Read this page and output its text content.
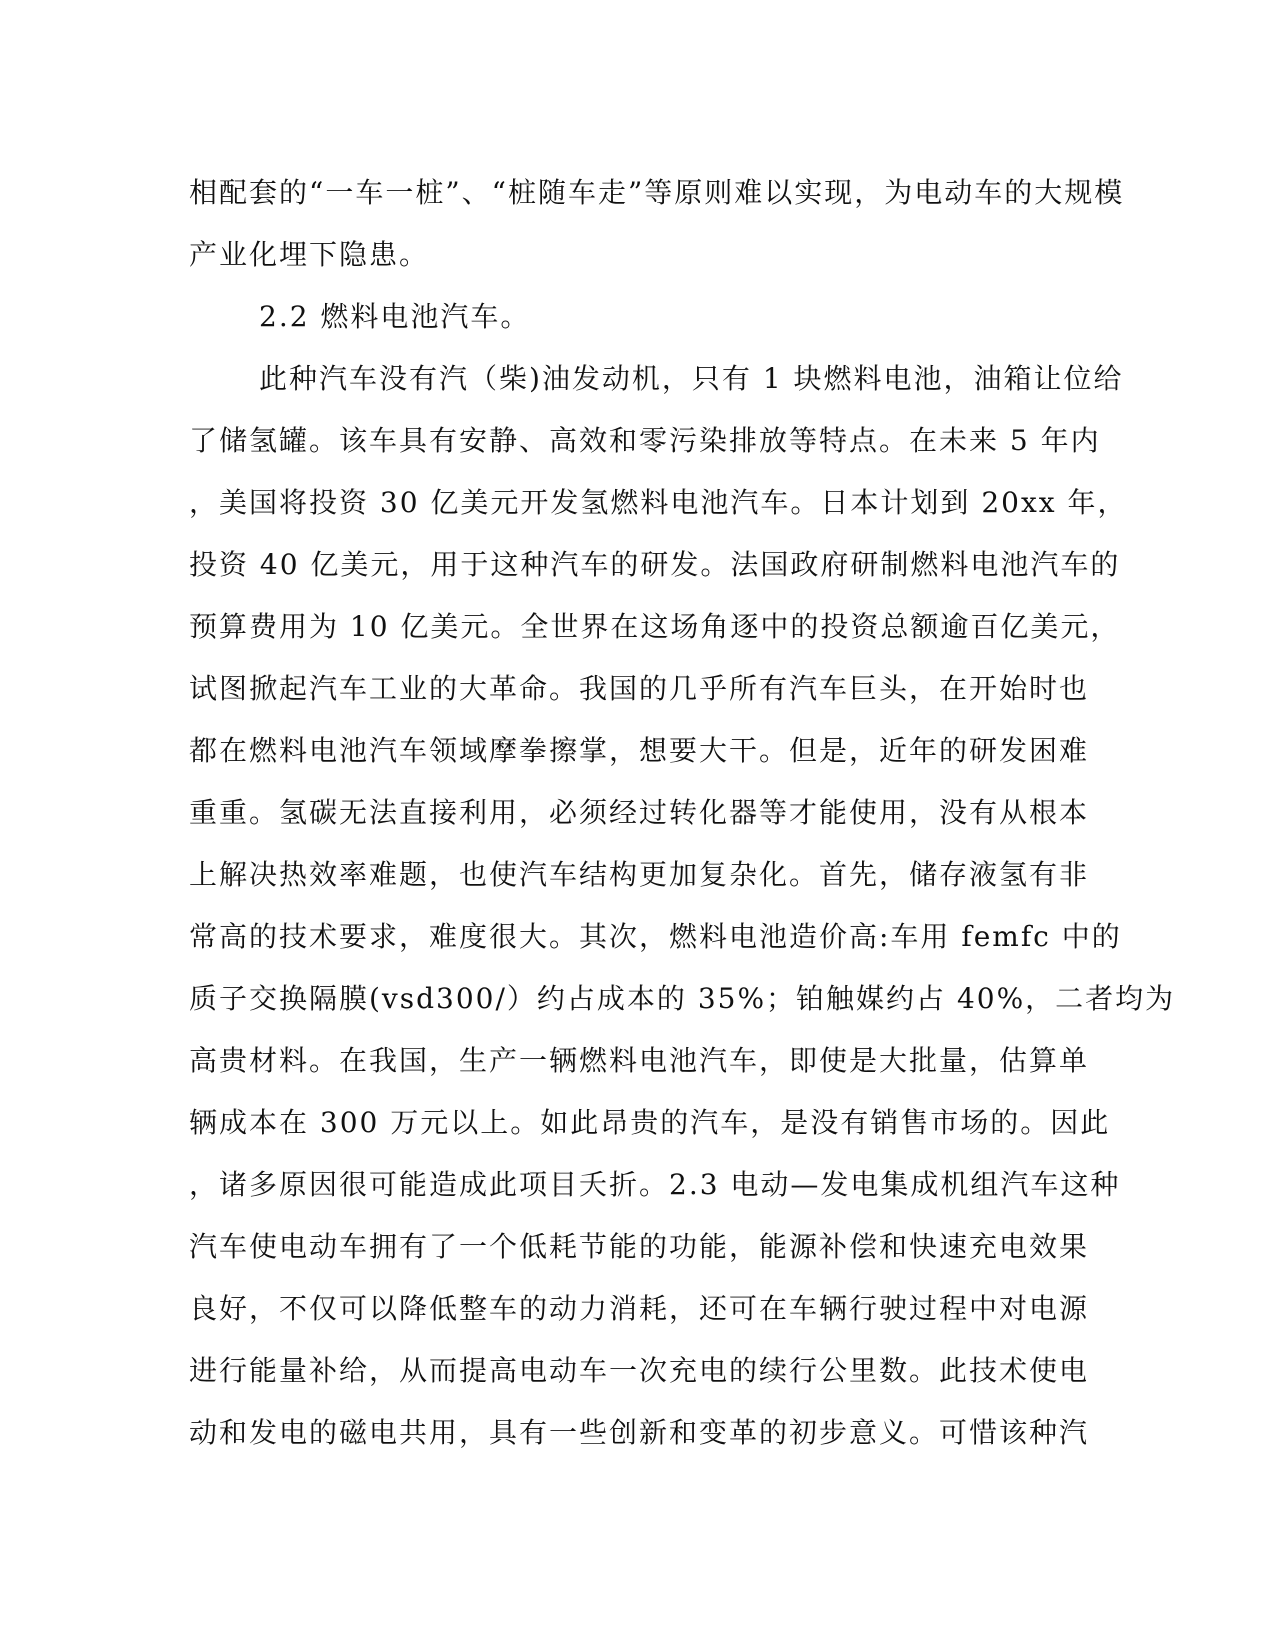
相配套的“一车一桩”、“桩随车走”等原则难以实现，为电动车的大规模
产业化埋下隐患。
2.2 燃料电池汽车。
此种汽车没有汽（柴)油发动机，只有 1 块燃料电池，油箱让位给
了储氢罐。该车具有安静、高效和零污染排放等特点。在未来 5 年内
，美国将投资 30 亿美元开发氢燃料电池汽车。日本计划到 20xx 年，
投资 40 亿美元，用于这种汽车的研发。法国政府研制燃料电池汽车的
预算费用为 10 亿美元。全世界在这场角逐中的投资总额逾百亿美元，
试图掀起汽车工业的大革命。我国的几乎所有汽车巨头，在开始时也
都在燃料电池汽车领域摩拳擦掌，想要大干。但是，近年的研发困难
重重。氢碳无法直接利用，必须经过转化器等才能使用，没有从根本
上解决热效率难题，也使汽车结构更加复杂化。首先，储存液氢有非
常高的技术要求，难度很大。其次，燃料电池造价高:车用 femfc 中的
质子交换隔膜(vsd300/）约占成本的 35%；铂触媒约占 40%，二者均为
高贵材料。在我国，生产一辆燃料电池汽车，即使是大批量，估算单
辆成本在 300 万元以上。如此昂贵的汽车，是没有销售市场的。因此
，诸多原因很可能造成此项目夭折。2.3 电动—发电集成机组汽车这种
汽车使电动车拥有了一个低耗节能的功能，能源补偿和快速充电效果
良好，不仅可以降低整车的动力消耗，还可在车辆行驶过程中对电源
进行能量补给，从而提高电动车一次充电的续行公里数。此技术使电
动和发电的磁电共用，具有一些创新和变革的初步意义。可惜该种汽
